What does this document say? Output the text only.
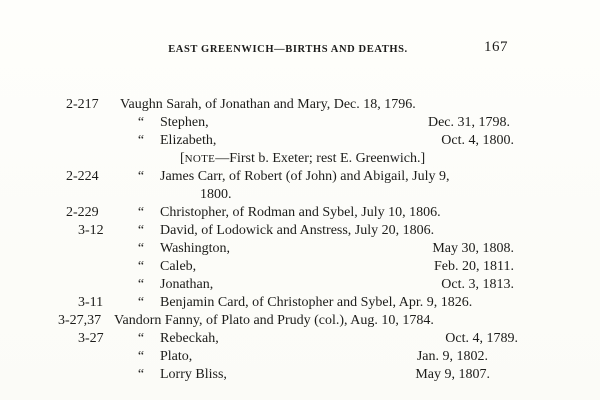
EAST GREENWICH—BIRTHS AND DEATHS.	167
2-217	Vaughn Sarah, of Jonathan and Mary, Dec. 18, 1796.
“ Stephen,	Dec. 31, 1798.
“ Elizabeth,	Oct. 4, 1800.
[NOTE—First b. Exeter; rest E. Greenwich.]
2-224	“ James Carr, of Robert (of John) and Abigail, July 9,
1800.
2-229	“ Christopher, of Rodman and Sybel, July 10, 1806.
3-12	“ David, of Lodowick and Anstress, July 20, 1806.
“ Washington,	May 30, 1808.
“ Caleb,	Feb. 20, 1811.
“ Jonathan,	Oct. 3, 1813.
3-11	“ Benjamin Card, of Christopher and Sybel, Apr. 9, 1826.
3-27,37 Vandorn Fanny, of Plato and Prudy (col.), Aug. 10, 1784.
3-27	“ Rebeckah,	Oct. 4, 1789.
“ Plato,	Jan. 9, 1802.
“ Lorry Bliss,	May 9, 1807.
